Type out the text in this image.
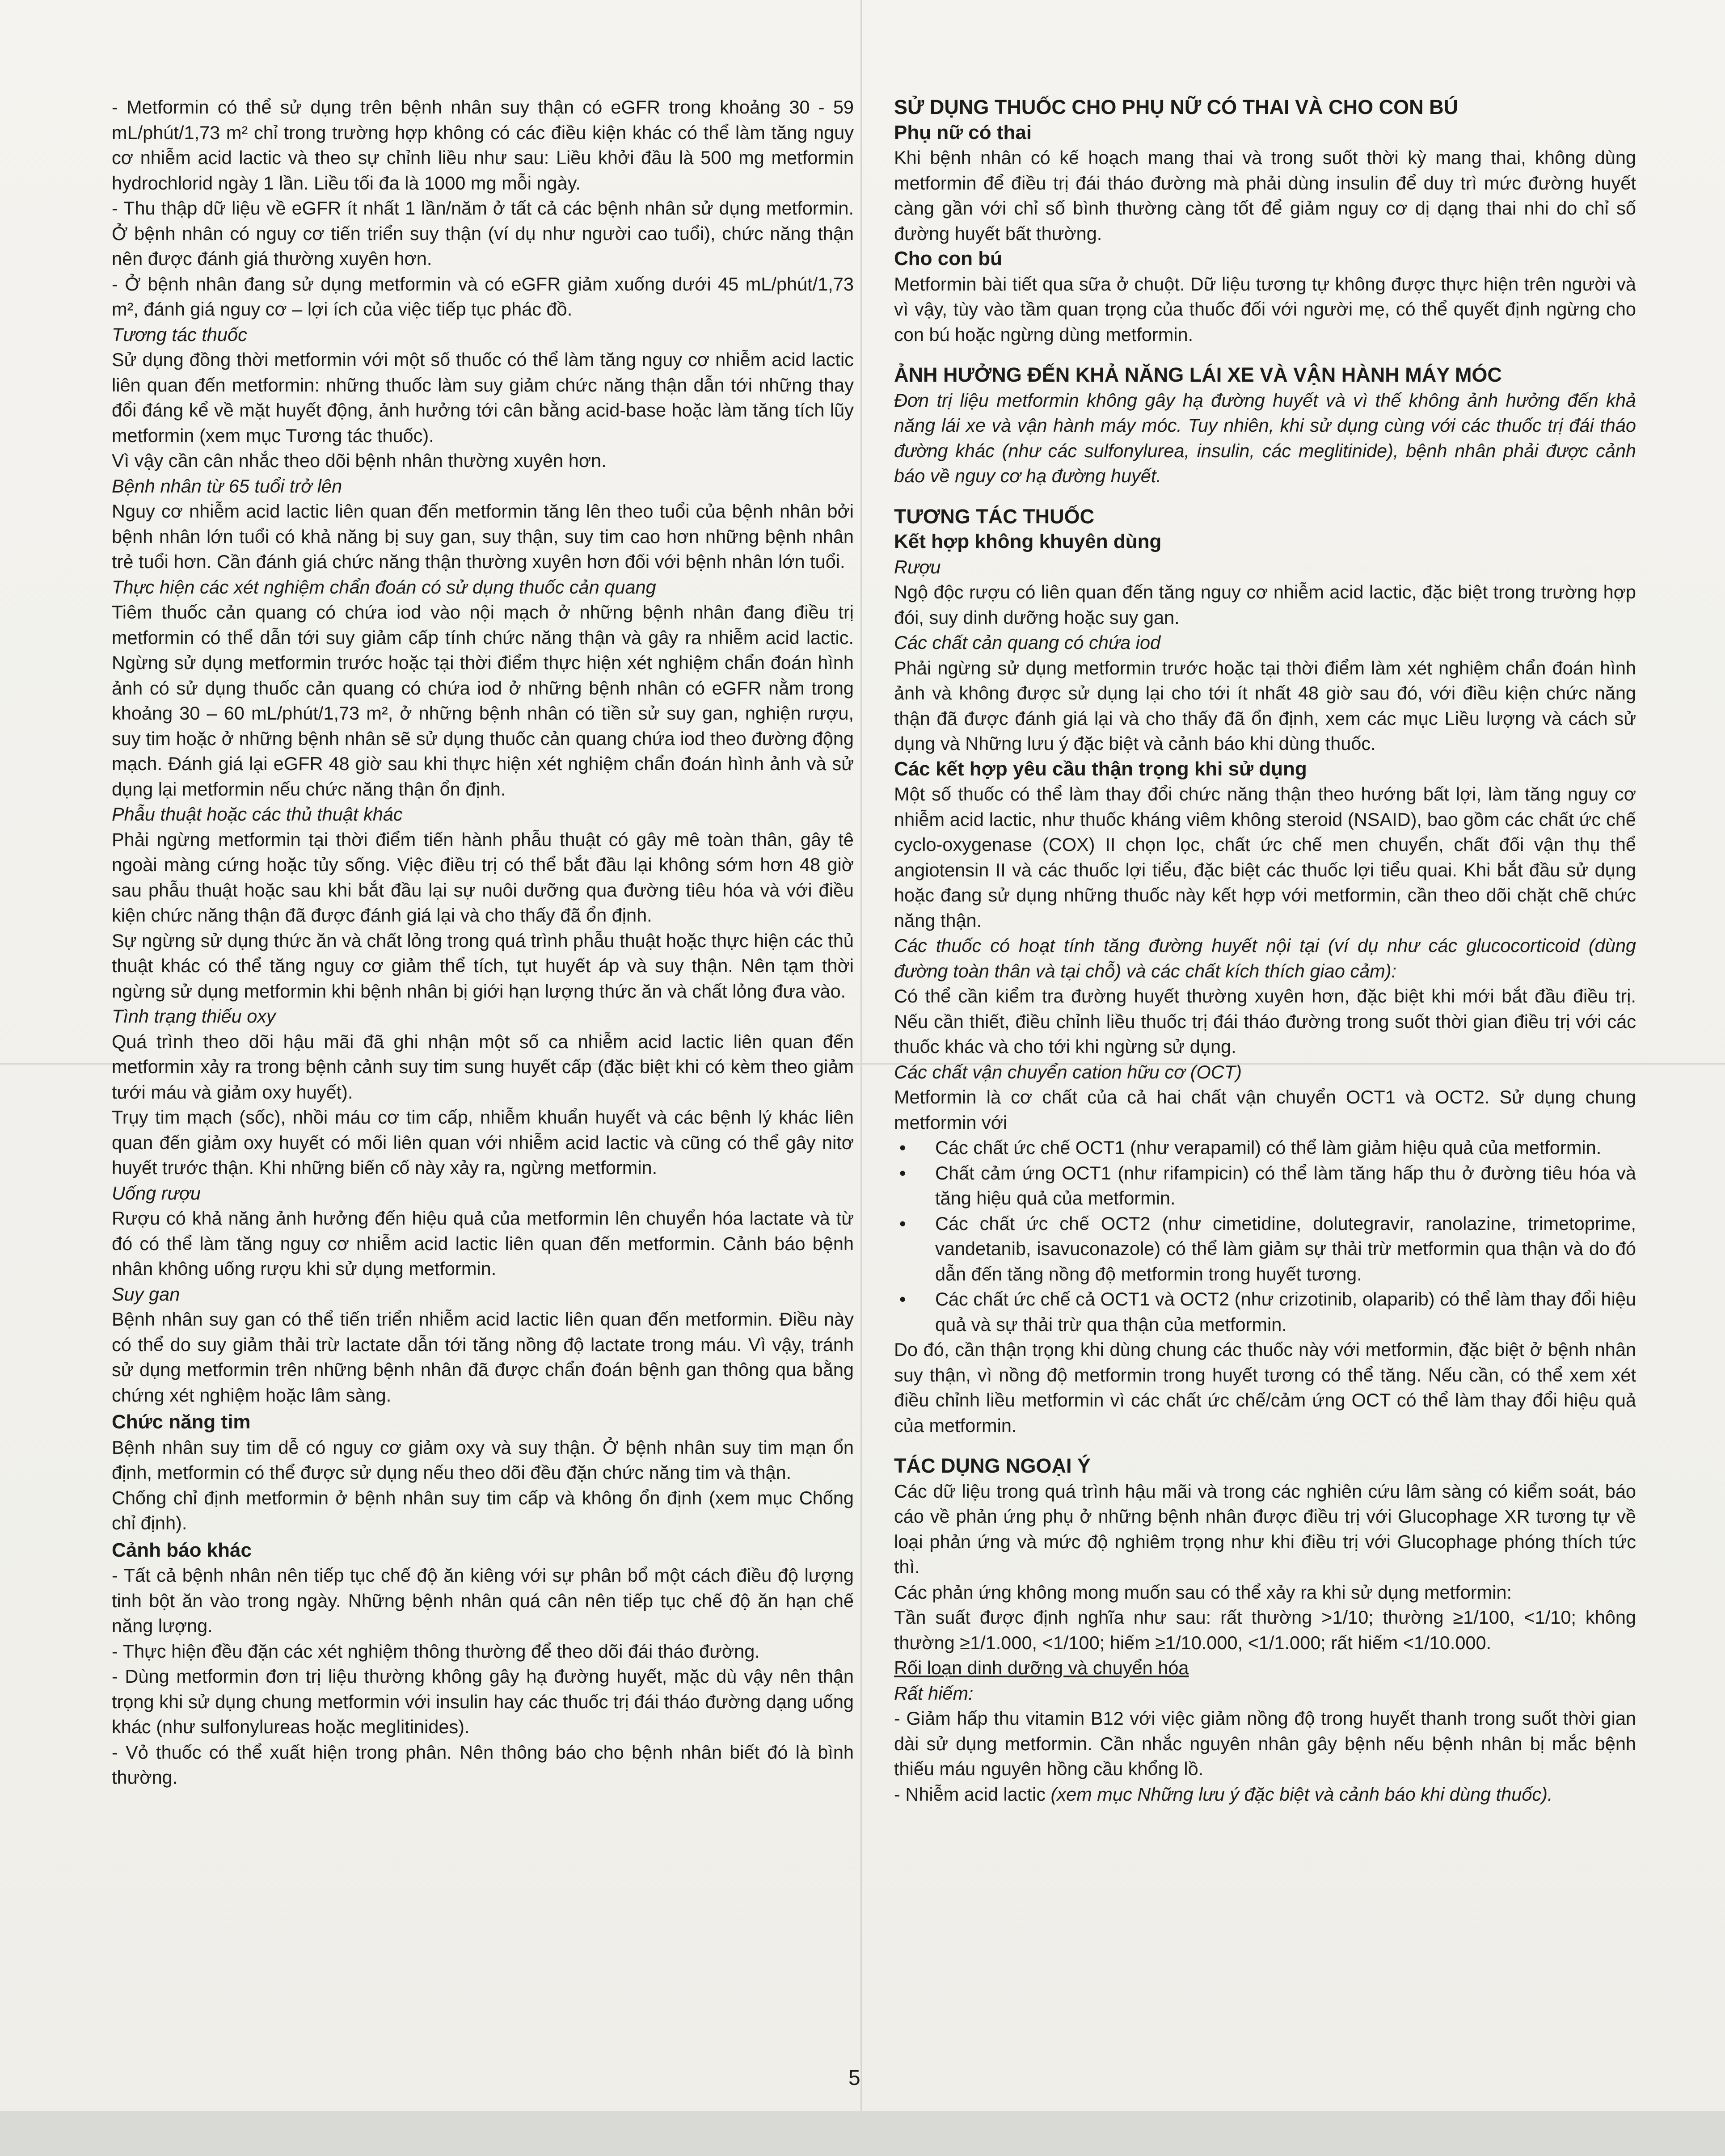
- Metformin có thể sử dụng trên bệnh nhân suy thận có eGFR trong khoảng 30 - 59 mL/phút/1,73 m² chỉ trong trường hợp không có các điều kiện khác có thể làm tăng nguy cơ nhiễm acid lactic và theo sự chỉnh liều như sau: Liều khởi đầu là 500 mg metformin hydrochlorid ngày 1 lần. Liều tối đa là 1000 mg mỗi ngày.

- Thu thập dữ liệu về eGFR ít nhất 1 lần/năm ở tất cả các bệnh nhân sử dụng metformin. Ở bệnh nhân có nguy cơ tiến triển suy thận (ví dụ như người cao tuổi), chức năng thận nên được đánh giá thường xuyên hơn.

- Ở bệnh nhân đang sử dụng metformin và có eGFR giảm xuống dưới 45 mL/phút/1,73 m², đánh giá nguy cơ – lợi ích của việc tiếp tục phác đồ.

Tương tác thuốc

Sử dụng đồng thời metformin với một số thuốc có thể làm tăng nguy cơ nhiễm acid lactic liên quan đến metformin: những thuốc làm suy giảm chức năng thận dẫn tới những thay đổi đáng kể về mặt huyết động, ảnh hưởng tới cân bằng acid-base hoặc làm tăng tích lũy metformin (xem mục Tương tác thuốc).

Vì vậy cần cân nhắc theo dõi bệnh nhân thường xuyên hơn.

Bệnh nhân từ 65 tuổi trở lên

Nguy cơ nhiễm acid lactic liên quan đến metformin tăng lên theo tuổi của bệnh nhân bởi bệnh nhân lớn tuổi có khả năng bị suy gan, suy thận, suy tim cao hơn những bệnh nhân trẻ tuổi hơn. Cần đánh giá chức năng thận thường xuyên hơn đối với bệnh nhân lớn tuổi.

Thực hiện các xét nghiệm chẩn đoán có sử dụng thuốc cản quang

Tiêm thuốc cản quang có chứa iod vào nội mạch ở những bệnh nhân đang điều trị metformin có thể dẫn tới suy giảm cấp tính chức năng thận và gây ra nhiễm acid lactic. Ngừng sử dụng metformin trước hoặc tại thời điểm thực hiện xét nghiệm chẩn đoán hình ảnh có sử dụng thuốc cản quang có chứa iod ở những bệnh nhân có eGFR nằm trong khoảng 30 – 60 mL/phút/1,73 m², ở những bệnh nhân có tiền sử suy gan, nghiện rượu, suy tim hoặc ở những bệnh nhân sẽ sử dụng thuốc cản quang chứa iod theo đường động mạch. Đánh giá lại eGFR 48 giờ sau khi thực hiện xét nghiệm chẩn đoán hình ảnh và sử dụng lại metformin nếu chức năng thận ổn định.

Phẫu thuật hoặc các thủ thuật khác

Phải ngừng metformin tại thời điểm tiến hành phẫu thuật có gây mê toàn thân, gây tê ngoài màng cứng hoặc tủy sống. Việc điều trị có thể bắt đầu lại không sớm hơn 48 giờ sau phẫu thuật hoặc sau khi bắt đầu lại sự nuôi dưỡng qua đường tiêu hóa và với điều kiện chức năng thận đã được đánh giá lại và cho thấy đã ổn định.

Sự ngừng sử dụng thức ăn và chất lỏng trong quá trình phẫu thuật hoặc thực hiện các thủ thuật khác có thể tăng nguy cơ giảm thể tích, tụt huyết áp và suy thận. Nên tạm thời ngừng sử dụng metformin khi bệnh nhân bị giới hạn lượng thức ăn và chất lỏng đưa vào.

Tình trạng thiếu oxy

Quá trình theo dõi hậu mãi đã ghi nhận một số ca nhiễm acid lactic liên quan đến metformin xảy ra trong bệnh cảnh suy tim sung huyết cấp (đặc biệt khi có kèm theo giảm tưới máu và giảm oxy huyết).

Trụy tim mạch (sốc), nhồi máu cơ tim cấp, nhiễm khuẩn huyết và các bệnh lý khác liên quan đến giảm oxy huyết có mối liên quan với nhiễm acid lactic và cũng có thể gây nitơ huyết trước thận. Khi những biến cố này xảy ra, ngừng metformin.

Uống rượu

Rượu có khả năng ảnh hưởng đến hiệu quả của metformin lên chuyển hóa lactate và từ đó có thể làm tăng nguy cơ nhiễm acid lactic liên quan đến metformin. Cảnh báo bệnh nhân không uống rượu khi sử dụng metformin.

Suy gan

Bệnh nhân suy gan có thể tiến triển nhiễm acid lactic liên quan đến metformin. Điều này có thể do suy giảm thải trừ lactate dẫn tới tăng nồng độ lactate trong máu. Vì vậy, tránh sử dụng metformin trên những bệnh nhân đã được chẩn đoán bệnh gan thông qua bằng chứng xét nghiệm hoặc lâm sàng.

Chức năng tim

Bệnh nhân suy tim dễ có nguy cơ giảm oxy và suy thận. Ở bệnh nhân suy tim mạn ổn định, metformin có thể được sử dụng nếu theo dõi đều đặn chức năng tim và thận.

Chống chỉ định metformin ở bệnh nhân suy tim cấp và không ổn định (xem mục Chống chỉ định).

Cảnh báo khác

- Tất cả bệnh nhân nên tiếp tục chế độ ăn kiêng với sự phân bổ một cách điều độ lượng tinh bột ăn vào trong ngày. Những bệnh nhân quá cân nên tiếp tục chế độ ăn hạn chế năng lượng.

- Thực hiện đều đặn các xét nghiệm thông thường để theo dõi đái tháo đường.

- Dùng metformin đơn trị liệu thường không gây hạ đường huyết, mặc dù vậy nên thận trọng khi sử dụng chung metformin với insulin hay các thuốc trị đái tháo đường dạng uống khác (như sulfonylureas hoặc meglitinides).

- Vỏ thuốc có thể xuất hiện trong phân. Nên thông báo cho bệnh nhân biết đó là bình thường.

SỬ DỤNG THUỐC CHO PHỤ NỮ CÓ THAI VÀ CHO CON BÚ

Phụ nữ có thai

Khi bệnh nhân có kế hoạch mang thai và trong suốt thời kỳ mang thai, không dùng metformin để điều trị đái tháo đường mà phải dùng insulin để duy trì mức đường huyết càng gần với chỉ số bình thường càng tốt để giảm nguy cơ dị dạng thai nhi do chỉ số đường huyết bất thường.

Cho con bú

Metformin bài tiết qua sữa ở chuột. Dữ liệu tương tự không được thực hiện trên người và vì vậy, tùy vào tầm quan trọng của thuốc đối với người mẹ, có thể quyết định ngừng cho con bú hoặc ngừng dùng metformin.

ẢNH HƯỞNG ĐẾN KHẢ NĂNG LÁI XE VÀ VẬN HÀNH MÁY MÓC

Đơn trị liệu metformin không gây hạ đường huyết và vì thế không ảnh hưởng đến khả năng lái xe và vận hành máy móc. Tuy nhiên, khi sử dụng cùng với các thuốc trị đái tháo đường khác (như các sulfonylurea, insulin, các meglitinide), bệnh nhân phải được cảnh báo về nguy cơ hạ đường huyết.

TƯƠNG TÁC THUỐC

Kết hợp không khuyên dùng

Rượu

Ngộ độc rượu có liên quan đến tăng nguy cơ nhiễm acid lactic, đặc biệt trong trường hợp đói, suy dinh dưỡng hoặc suy gan.

Các chất cản quang có chứa iod

Phải ngừng sử dụng metformin trước hoặc tại thời điểm làm xét nghiệm chẩn đoán hình ảnh và không được sử dụng lại cho tới ít nhất 48 giờ sau đó, với điều kiện chức năng thận đã được đánh giá lại và cho thấy đã ổn định, xem các mục Liều lượng và cách sử dụng và Những lưu ý đặc biệt và cảnh báo khi dùng thuốc.

Các kết hợp yêu cầu thận trọng khi sử dụng

Một số thuốc có thể làm thay đổi chức năng thận theo hướng bất lợi, làm tăng nguy cơ nhiễm acid lactic, như thuốc kháng viêm không steroid (NSAID), bao gồm các chất ức chế cyclo-oxygenase (COX) II chọn lọc, chất ức chế men chuyển, chất đối vận thụ thể angiotensin II và các thuốc lợi tiểu, đặc biệt các thuốc lợi tiểu quai. Khi bắt đầu sử dụng hoặc đang sử dụng những thuốc này kết hợp với metformin, cần theo dõi chặt chẽ chức năng thận.

Các thuốc có hoạt tính tăng đường huyết nội tại (ví dụ như các glucocorticoid (dùng đường toàn thân và tại chỗ) và các chất kích thích giao cảm):

Có thể cần kiểm tra đường huyết thường xuyên hơn, đặc biệt khi mới bắt đầu điều trị. Nếu cần thiết, điều chỉnh liều thuốc trị đái tháo đường trong suốt thời gian điều trị với các thuốc khác và cho tới khi ngừng sử dụng.

Các chất vận chuyển cation hữu cơ (OCT)

Metformin là cơ chất của cả hai chất vận chuyển OCT1 và OCT2. Sử dụng chung metformin với

• Các chất ức chế OCT1 (như verapamil) có thể làm giảm hiệu quả của metformin.
• Chất cảm ứng OCT1 (như rifampicin) có thể làm tăng hấp thu ở đường tiêu hóa và tăng hiệu quả của metformin.
• Các chất ức chế OCT2 (như cimetidine, dolutegravir, ranolazine, trimetoprime, vandetanib, isavuconazole) có thể làm giảm sự thải trừ metformin qua thận và do đó dẫn đến tăng nồng độ metformin trong huyết tương.
• Các chất ức chế cả OCT1 và OCT2 (như crizotinib, olaparib) có thể làm thay đổi hiệu quả và sự thải trừ qua thận của metformin.

Do đó, cần thận trọng khi dùng chung các thuốc này với metformin, đặc biệt ở bệnh nhân suy thận, vì nồng độ metformin trong huyết tương có thể tăng. Nếu cần, có thể xem xét điều chỉnh liều metformin vì các chất ức chế/cảm ứng OCT có thể làm thay đổi hiệu quả của metformin.

TÁC DỤNG NGOẠI Ý

Các dữ liệu trong quá trình hậu mãi và trong các nghiên cứu lâm sàng có kiểm soát, báo cáo về phản ứng phụ ở những bệnh nhân được điều trị với Glucophage XR tương tự về loại phản ứng và mức độ nghiêm trọng như khi điều trị với Glucophage phóng thích tức thì.

Các phản ứng không mong muốn sau có thể xảy ra khi sử dụng metformin:

Tần suất được định nghĩa như sau: rất thường >1/10; thường ≥1/100, <1/10; không thường ≥1/1.000, <1/100; hiếm ≥1/10.000, <1/1.000; rất hiếm <1/10.000.

Rối loạn dinh dưỡng và chuyển hóa

Rất hiếm:

- Giảm hấp thu vitamin B12 với việc giảm nồng độ trong huyết thanh trong suốt thời gian dài sử dụng metformin. Cần nhắc nguyên nhân gây bệnh nếu bệnh nhân bị mắc bệnh thiếu máu nguyên hồng cầu khổng lồ.

- Nhiễm acid lactic (xem mục Những lưu ý đặc biệt và cảnh báo khi dùng thuốc).

5
